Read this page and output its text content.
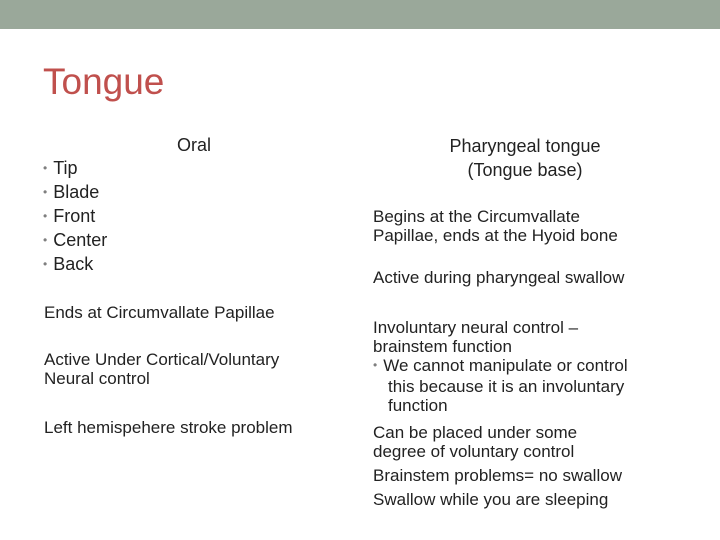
Tongue
Oral
• Tip
• Blade
• Front
• Center
• Back
Ends at Circumvallate Papillae
Active Under Cortical/Voluntary
Neural control
Left hemispehere stroke problem
Pharyngeal tongue
(Tongue base)
Begins at the Circumvallate
Papillae, ends at the Hyoid bone
Active during pharyngeal swallow
Involuntary neural control –
brainstem function
• We cannot manipulate or control
this because it is an involuntary
function
Can be placed under some
degree of voluntary control
Brainstem problems= no swallow
Swallow while you are sleeping
